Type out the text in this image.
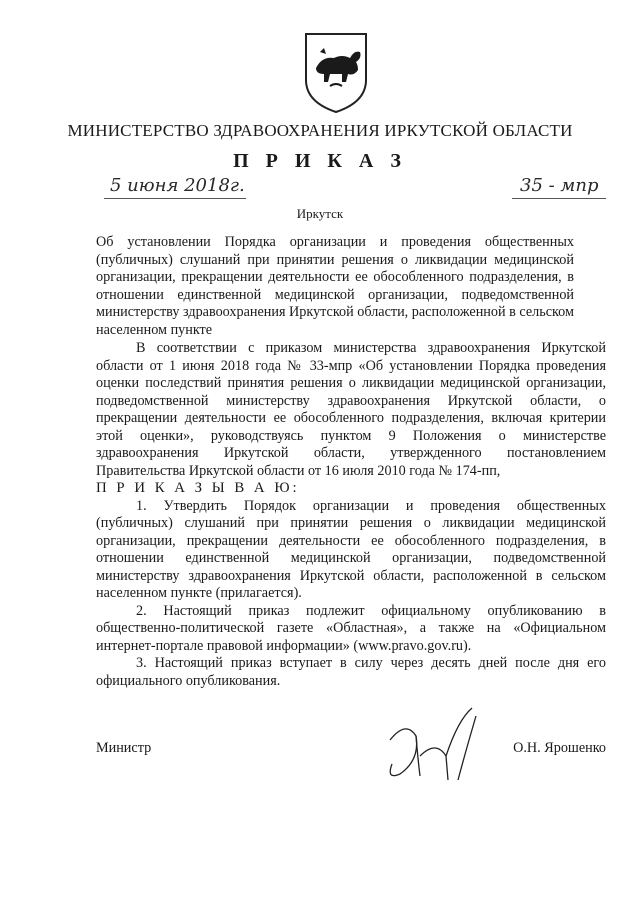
МИНИСТЕРСТВО ЗДРАВООХРАНЕНИЯ ИРКУТСКОЙ ОБЛАСТИ
П Р И К А З
5 июня 2018г.	35 - мпр
Иркутск
Об установлении Порядка организации и проведения общественных (публичных) слушаний при принятии решения о ликвидации медицинской организации, прекращении деятельности ее обособленного подразделения, в отношении единственной медицинской организации, подведомственной министерству здравоохранения Иркутской области, расположенной в сельском населенном пункте

В соответствии с приказом министерства здравоохранения Иркутской области от 1 июня 2018 года № 33-мпр «Об установлении Порядка проведения оценки последствий принятия решения о ликвидации медицинской организации, подведомственной министерству здравоохранения Иркутской области, о прекращении деятельности ее обособленного подразделения, включая критерии этой оценки», руководствуясь пунктом 9 Положения о министерстве здравоохранения Иркутской области, утвержденного постановлением Правительства Иркутской области от 16 июля 2010 года № 174-пп,

П Р И К А З Ы В А Ю:

1. Утвердить Порядок организации и проведения общественных (публичных) слушаний при принятии решения о ликвидации медицинской организации, прекращении деятельности ее обособленного подразделения, в отношении единственной медицинской организации, подведомственной министерству здравоохранения Иркутской области, расположенной в сельском населенном пункте (прилагается).

2. Настоящий приказ подлежит официальному опубликованию в общественно-политической газете «Областная», а также на «Официальном интернет-портале правовой информации» (www.pravo.gov.ru).

3. Настоящий приказ вступает в силу через десять дней после дня его официального опубликования.

Министр	О.Н. Ярошенко
